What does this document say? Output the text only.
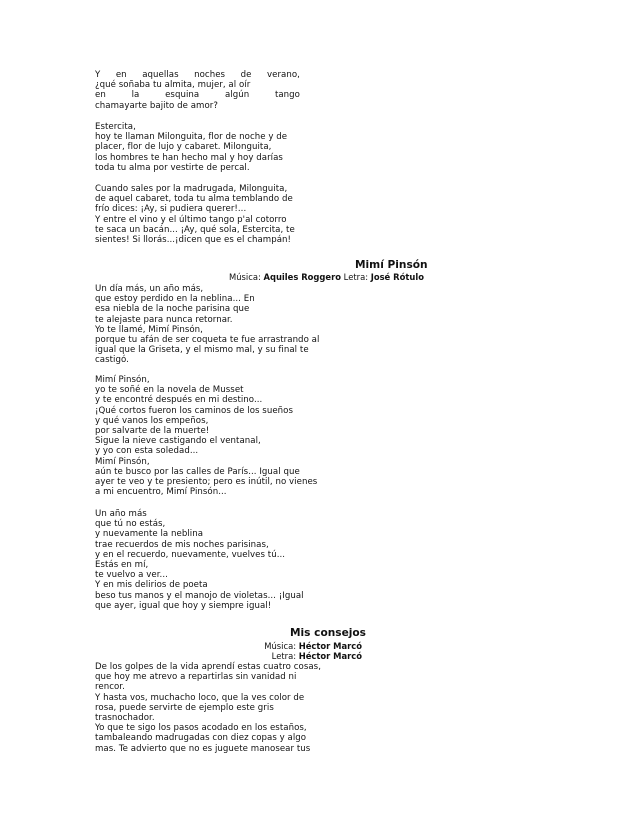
Y en aquellas noches de verano,
¿qué soñaba tu almita, mujer, al oír
en	la	esquina	algún	tango
chamayarte bajito de amor?
Estercita,
hoy te llaman Milonguita, flor de noche y de
placer, flor de lujo y cabaret. Milonguita,
los hombres te han hecho mal y hoy darías
toda tu alma por vestirte de percal.
Cuando sales por la madrugada, Milonguita,
de aquel cabaret, toda tu alma temblando de
frío dices: ¡Ay, si pudiera querer!...
Y entre el vino y el último tango p'al cotorro
te saca un bacán... ¡Ay, qué sola, Estercita, te
sientes! Si llorás...¡dicen que es el champán!
Mimí Pinsón
Música: Aquiles Roggero Letra: José Rótulo
Un día más, un año más,
que estoy perdido en la neblina... En
esa niebla de la noche parisina que
te alejaste para nunca retornar.
Yo te llamé, Mimí Pinsón,
porque tu afán de ser coqueta te fue arrastrando al
igual que la Griseta, y el mismo mal, y su final te
castigó.
Mimí Pinsón,
yo te soñé en la novela de Musset
y te encontré después en mi destino...
¡Qué cortos fueron los caminos de los sueños
y qué vanos los empeños,
por salvarte de la muerte!
Sigue la nieve castigando el ventanal,
y yo con esta soledad...
Mimí Pinsón,
aún te busco por las calles de París... Igual que
ayer te veo y te presiento; pero es inútil, no vienes
a mi encuentro, Mimí Pinsón...
Un año más
que tú no estás,
y nuevamente la neblina
trae recuerdos de mis noches parisinas,
y en el recuerdo, nuevamente, vuelves tú...
Estás en mí,
te vuelvo a ver...
Y en mis delirios de poeta
beso tus manos y el manojo de violetas... ¡Igual
que ayer, igual que hoy y siempre igual!
Mis consejos
Música: Héctor Marcó
Letra: Héctor Marcó
De los golpes de la vida aprendí estas cuatro cosas,
que hoy me atrevo a repartirlas sin vanidad ni
rencor.
Y hasta vos, muchacho loco, que la ves color de
rosa, puede servirte de ejemplo este gris
trasnochador.
Yo que te sigo los pasos acodado en los estaños,
tambaleando madrugadas con diez copas y algo
mas. Te advierto que no es juguete manosear tus
